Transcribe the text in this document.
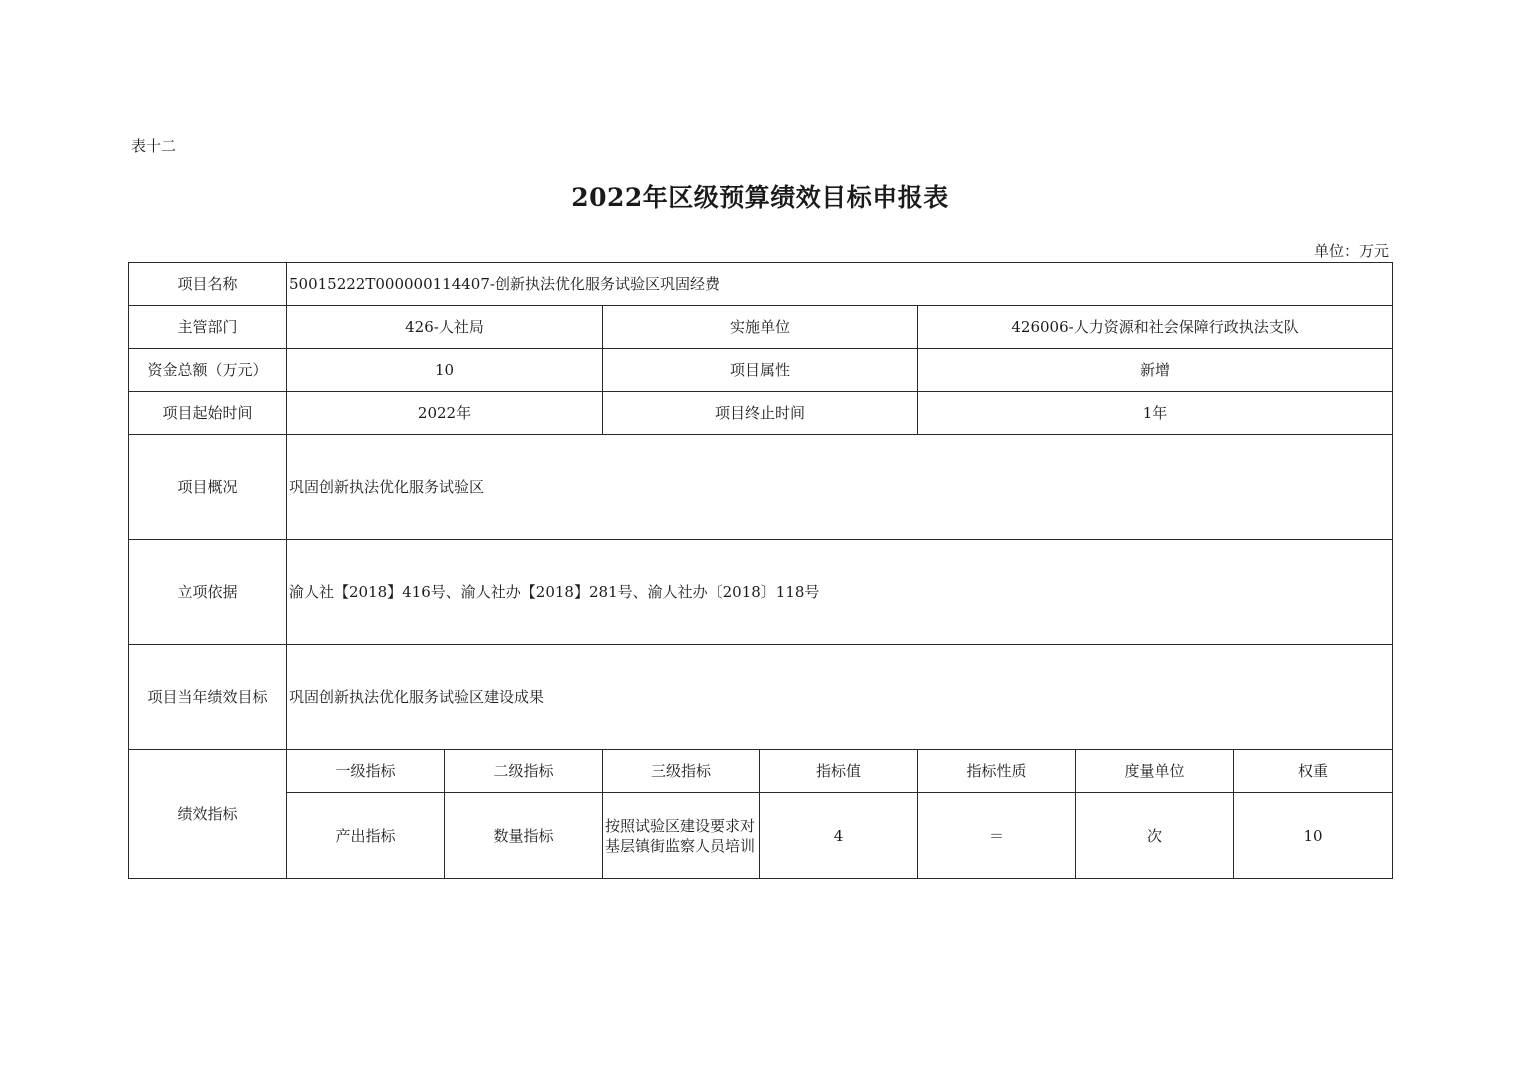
表十二
2022年区级预算绩效目标申报表
单位：万元
项目名称	50015222T000000114407-创新执法优化服务试验区巩固经费						
主管部门	426-人社局		实施单位		426006-人力资源和社会保障行政执法支队		
资金总额（万元）	10		项目属性		新增		
项目起始时间	2022年		项目终止时间		1年		
项目概况	巩固创新执法优化服务试验区						
立项依据	渝人社【2018】416号、渝人社办【2018】281号、渝人社办〔2018〕118号						
项目当年绩效目标	巩固创新执法优化服务试验区建设成果						
绩效指标	一级指标	二级指标	三级指标	指标值	指标性质	度量单位	权重
	产出指标	数量指标	按照试验区建设要求对基层镇街监察人员培训	4	＝	次	10
